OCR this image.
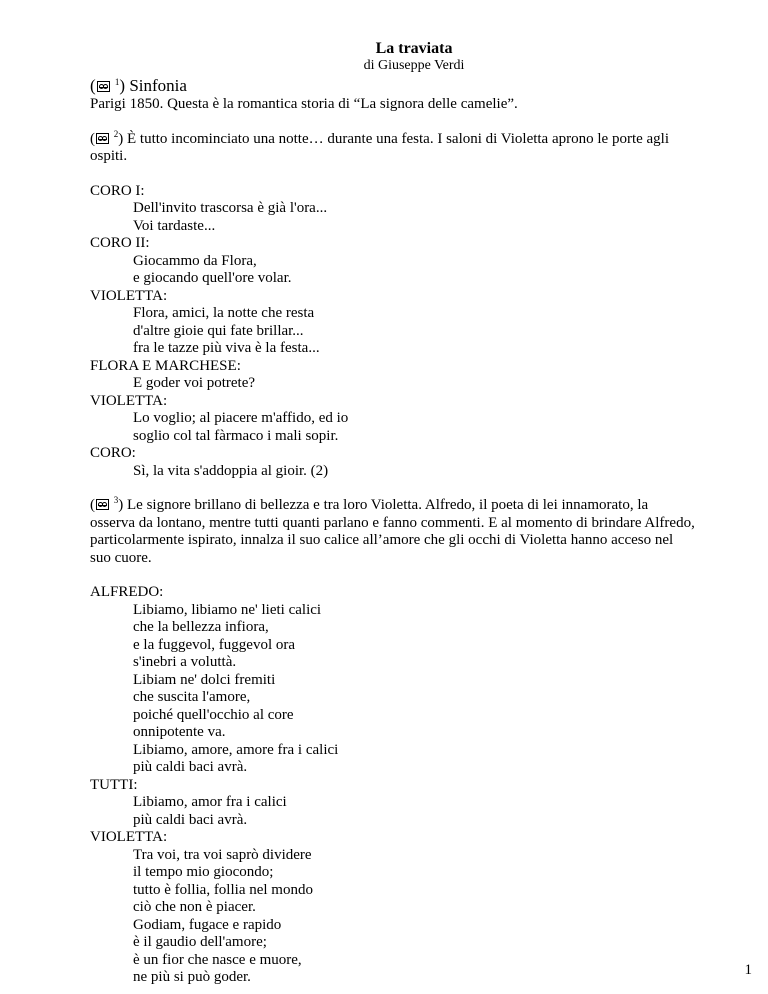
La traviata
di Giuseppe Verdi
( $^1$) Sinfonia

Parigi 1850. Questa è la romantica storia di “La signora delle camelie”.

( $^2$) È tutto incominciato una notte… durante una festa. I saloni di Violetta aprono le porte agli
ospiti.

CORO I:

Dell'invito trascorsa è già l'ora...

Voi tardaste...

CORO II:

Giocammo da Flora,

e giocando quell'ore volar.

VIOLETTA:

Flora, amici, la notte che resta

d'altre gioie qui fate brillar...

fra le tazze più viva è la festa...

FLORA E MARCHESE:

E goder voi potrete?

VIOLETTA:

Lo voglio; al piacere m'affido, ed io

soglio col tal fàrmaco i mali sopir.

CORO:

Sì, la vita s'addoppia al gioir. (2)

( $^3$) Le signore brillano di bellezza e tra loro Violetta. Alfredo, il poeta di lei innamorato, la
osserva da lontano, mentre tutti quanti parlano e fanno commenti. E al momento di brindare Alfredo,
particolarmente ispirato, innalza il suo calice all’amore che gli occhi di Violetta hanno acceso nel
suo cuore.

ALFREDO:

Libiamo, libiamo ne' lieti calici

che la bellezza infiora,

e la fuggevol, fuggevol ora

s'inebri a voluttà.

Libiam ne' dolci fremiti

che suscita l'amore,

poiché quell'occhio al core

onnipotente va.

Libiamo, amore, amore fra i calici

più caldi baci avrà.

TUTTI:

Libiamo, amor fra i calici

più caldi baci avrà.

VIOLETTA:

Tra voi, tra voi saprò dividere

il tempo mio giocondo;

tutto è follia, follia nel mondo

ciò che non è piacer.

Godiam, fugace e rapido

è il gaudio dell'amore;

è un fior che nasce e muore,

ne più si può goder.	1
